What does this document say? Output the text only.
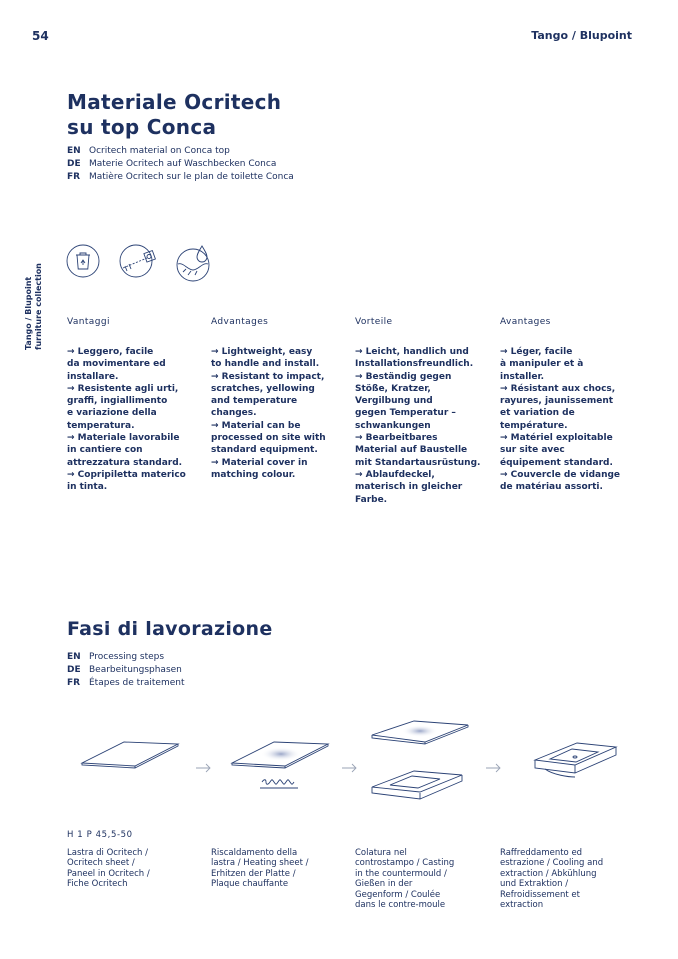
54	Tango / Blupoint
Tango / Blupoint furniture collection
Materiale Ocritech
su top Conca
EN Ocritech material on Conca top
DE Materie Ocritech auf Waschbecken Conca
FR Matière Ocritech sur le plan de toilette Conca
Vantaggi
→ Leggero, facile
da movimentare ed
installare.
→ Resistente agli urti,
graffi, ingiallimento
e variazione della
temperatura.
→ Materiale lavorabile
in cantiere con
attrezzatura standard.
→ Copripiletta materico
in tinta.
Advantages
→ Lightweight, easy
to handle and install.
→ Resistant to impact,
scratches, yellowing
and temperature
changes.
→ Material can be
processed on site with
standard equipment.
→ Material cover in
matching colour.
Vorteile
→ Leicht, handlich und
Installationsfreundlich.
→ Beständig gegen
Stöße, Kratzer,
Vergilbung und
gegen Temperatur –
schwankungen
→ Bearbeitbares
Material auf Baustelle
mit Standartausrüstung.
→ Ablaufdeckel,
materisch in gleicher
Farbe.
Avantages
→ Léger, facile
à manipuler et à
installer.
→ Résistant aux chocs,
rayures, jaunissement
et variation de
température.
→ Matériel exploitable
sur site avec
équipement standard.
→ Couvercle de vidange
de matériau assorti.
Fasi di lavorazione
EN Processing steps
DE Bearbeitungsphasen
FR Étapes de traitement
H 1 P 45,5-50
Lastra di Ocritech /
Ocritech sheet /
Paneel in Ocritech /
Fiche Ocritech
Riscaldamento della
lastra / Heating sheet /
Erhitzen der Platte /
Plaque chauffante
Colatura nel
controstampo / Casting
in the countermould /
Gießen in der
Gegenform / Coulée
dans le contre-moule
Raffreddamento ed
estrazione / Cooling and
extraction / Abkühlung
und Extraktion /
Refroidissement et
extraction
